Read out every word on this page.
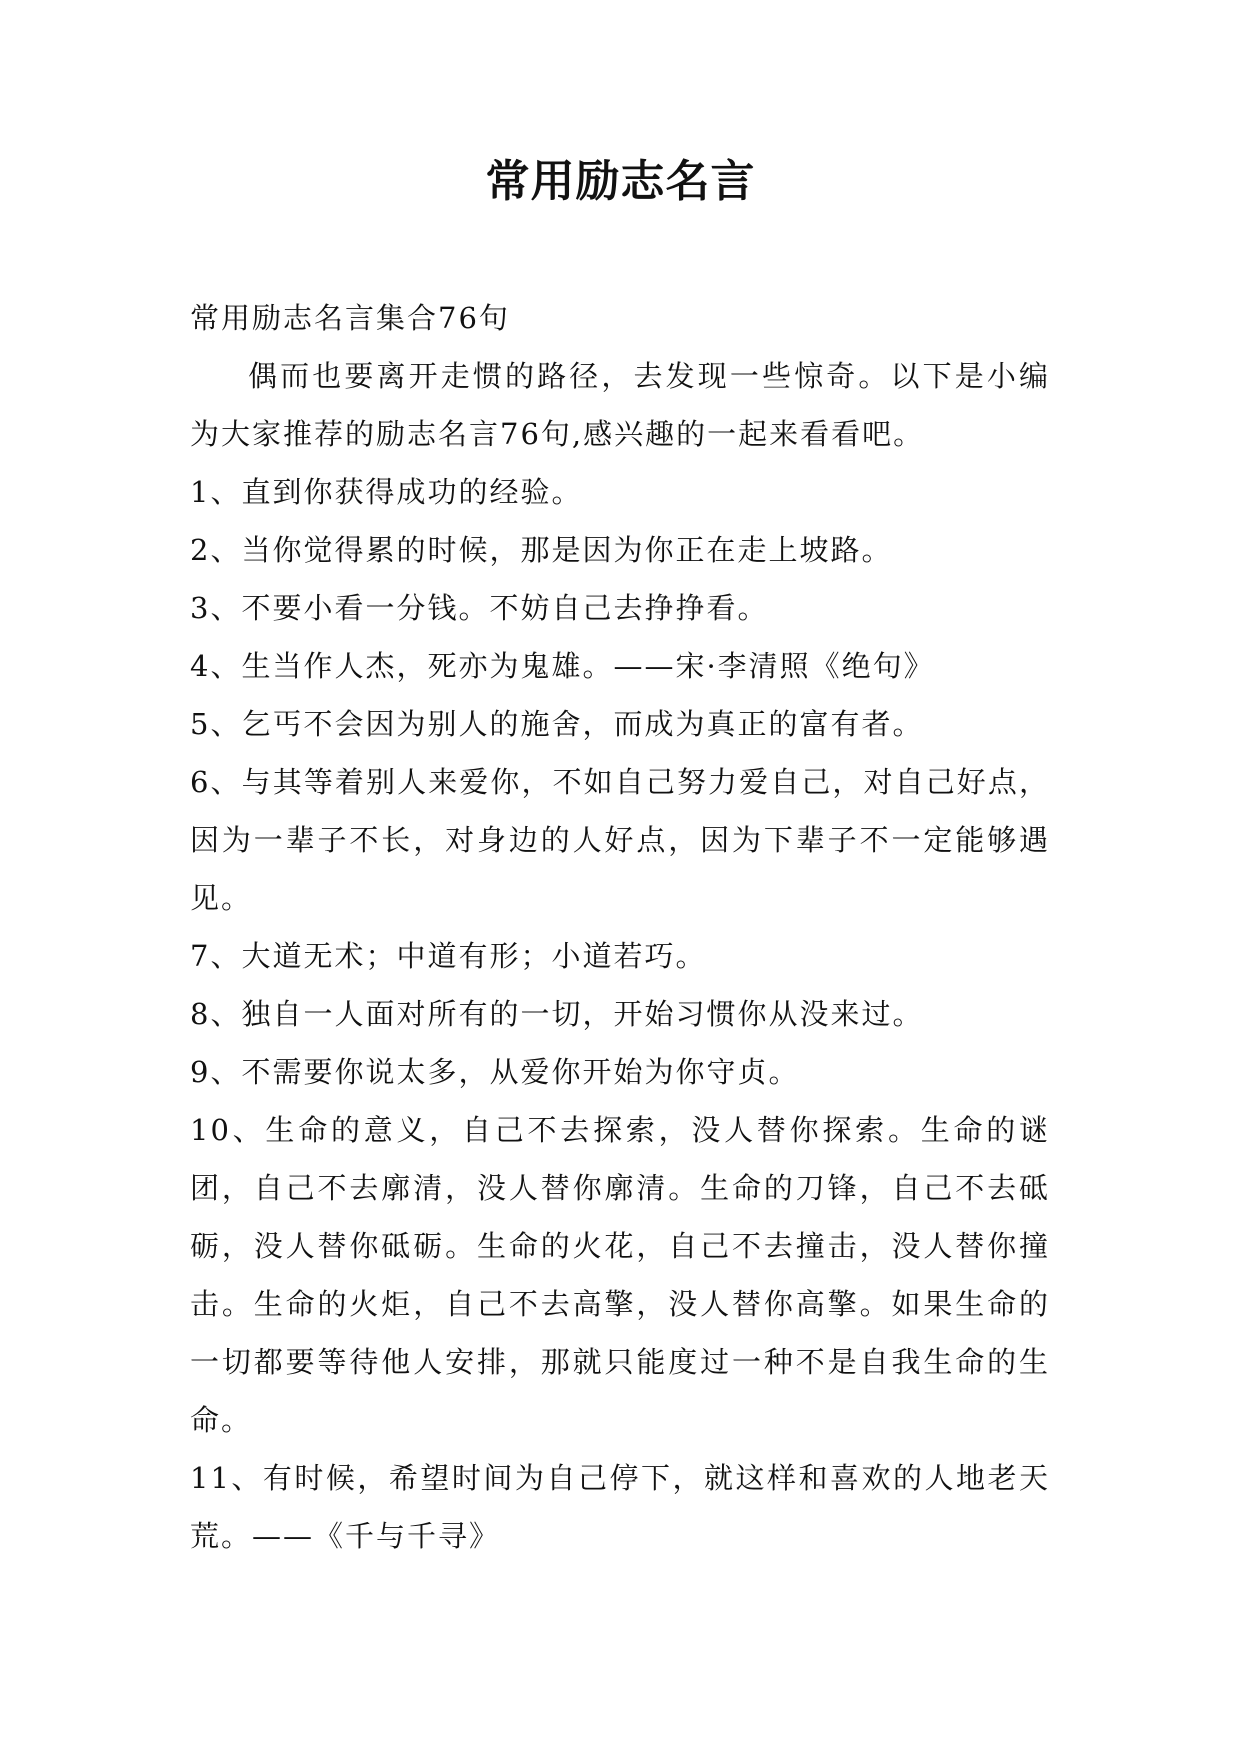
常用励志名言

常用励志名言集合76句

偶而也要离开走惯的路径，去发现一些惊奇。以下是小编为大家推荐的励志名言76句,感兴趣的一起来看看吧。

1、直到你获得成功的经验。

2、当你觉得累的时候，那是因为你正在走上坡路。

3、不要小看一分钱。不妨自己去挣挣看。

4、生当作人杰，死亦为鬼雄。——宋·李清照《绝句》

5、乞丐不会因为别人的施舍，而成为真正的富有者。

6、与其等着别人来爱你，不如自己努力爱自己，对自己好点，因为一辈子不长，对身边的人好点，因为下辈子不一定能够遇见。

7、大道无术；中道有形；小道若巧。

8、独自一人面对所有的一切，开始习惯你从没来过。

9、不需要你说太多，从爱你开始为你守贞。

10、生命的意义，自己不去探索，没人替你探索。生命的谜团，自己不去廓清，没人替你廓清。生命的刀锋，自己不去砥砺，没人替你砥砺。生命的火花，自己不去撞击，没人替你撞击。生命的火炬，自己不去高擎，没人替你高擎。如果生命的一切都要等待他人安排，那就只能度过一种不是自我生命的生命。

11、有时候，希望时间为自己停下，就这样和喜欢的人地老天荒。——《千与千寻》
